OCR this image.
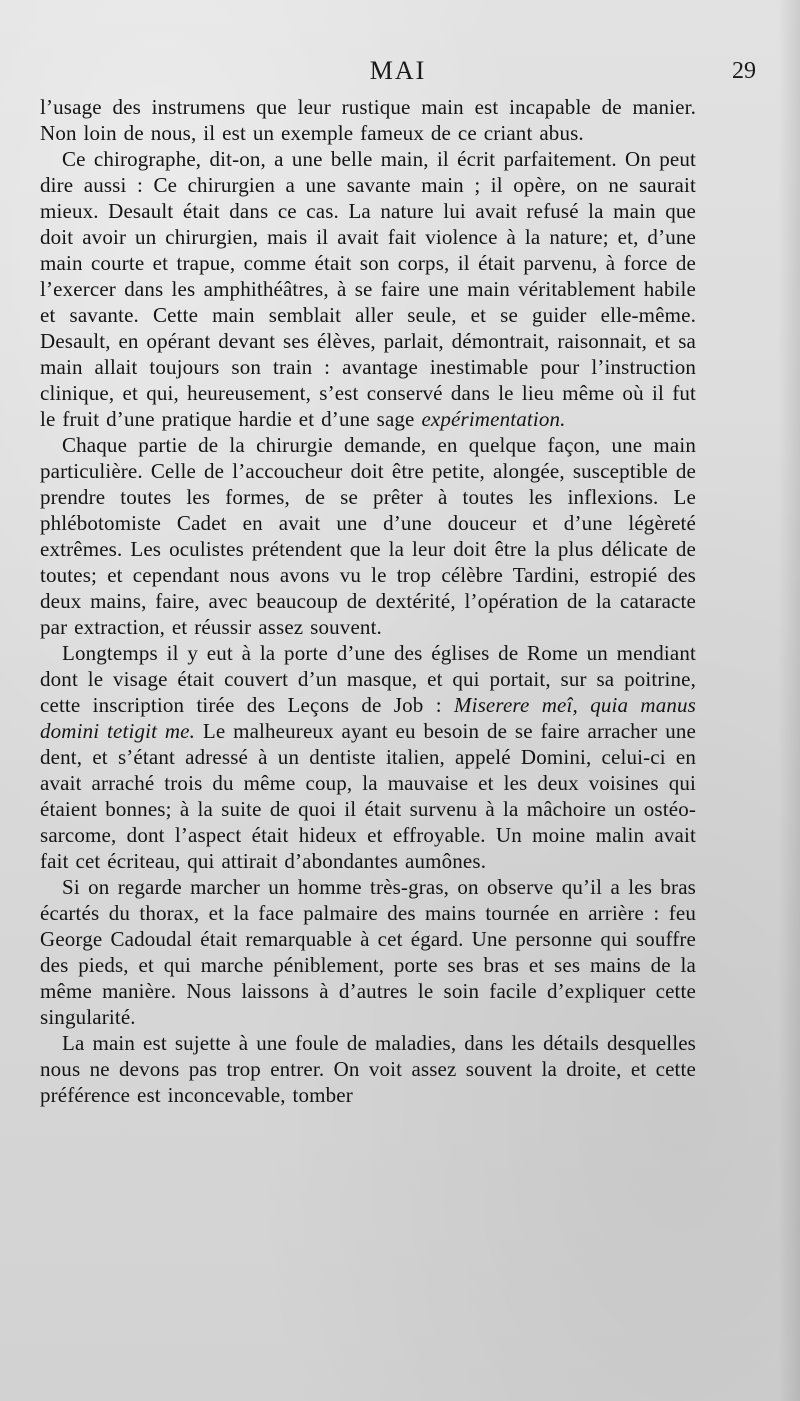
MAI	29

l’usage des instrumens que leur rustique main est incapable de manier. Non loin de nous, il est un exemple fameux de ce criant abus.

Ce chirographe, dit-on, a une belle main, il écrit parfaitement. On peut dire aussi : Ce chirurgien a une savante main ; il opère, on ne saurait mieux. Desault était dans ce cas. La nature lui avait refusé la main que doit avoir un chirurgien, mais il avait fait violence à la nature; et, d’une main courte et trapue, comme était son corps, il était parvenu, à force de l’exercer dans les amphithéâtres, à se faire une main véritablement habile et savante. Cette main semblait aller seule, et se guider elle-même. Desault, en opérant devant ses élèves, parlait, démontrait, raisonnait, et sa main allait toujours son train : avantage inestimable pour l’instruction clinique, et qui, heureusement, s’est conservé dans le lieu même où il fut le fruit d’une pratique hardie et d’une sage expérimentation.

Chaque partie de la chirurgie demande, en quelque façon, une main particulière. Celle de l’accoucheur doit être petite, alongée, susceptible de prendre toutes les formes, de se prêter à toutes les inflexions. Le phlébotomiste Cadet en avait une d’une douceur et d’une légèreté extrêmes. Les oculistes prétendent que la leur doit être la plus délicate de toutes; et cependant nous avons vu le trop célèbre Tardini, estropié des deux mains, faire, avec beaucoup de dextérité, l’opération de la cataracte par extraction, et réussir assez souvent.

Longtemps il y eut à la porte d’une des églises de Rome un mendiant dont le visage était couvert d’un masque, et qui portait, sur sa poitrine, cette inscription tirée des Leçons de Job : Miserere meî, quia manus domini tetigit me. Le malheureux ayant eu besoin de se faire arracher une dent, et s’étant adressé à un dentiste italien, appelé Domini, celui-ci en avait arraché trois du même coup, la mauvaise et les deux voisines qui étaient bonnes; à la suite de quoi il était survenu à la mâchoire un ostéo-sarcome, dont l’aspect était hideux et effroyable. Un moine malin avait fait cet écriteau, qui attirait d’abondantes aumônes.

Si on regarde marcher un homme très-gras, on observe qu’il a les bras écartés du thorax, et la face palmaire des mains tournée en arrière : feu George Cadoudal était remarquable à cet égard. Une personne qui souffre des pieds, et qui marche péniblement, porte ses bras et ses mains de la même manière. Nous laissons à d’autres le soin facile d’expliquer cette singularité.

La main est sujette à une foule de maladies, dans les détails desquelles nous ne devons pas trop entrer. On voit assez souvent la droite, et cette préférence est inconcevable, tomber
